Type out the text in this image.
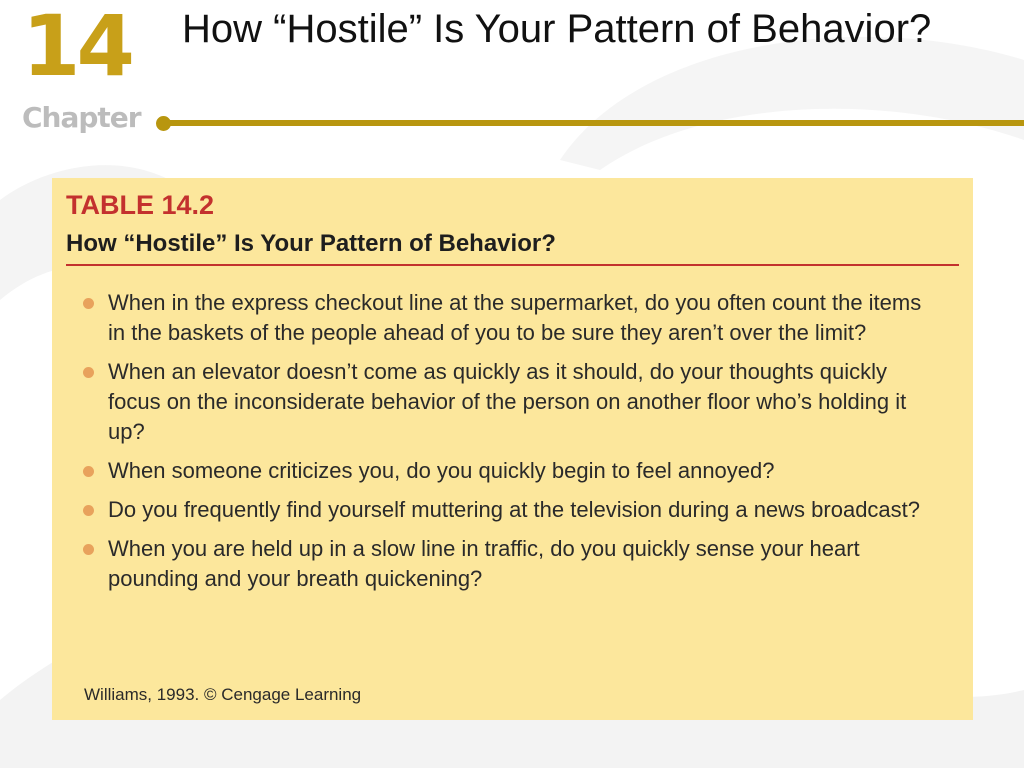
14
Chapter
How “Hostile” Is Your Pattern of Behavior?
TABLE 14.2
How “Hostile” Is Your Pattern of Behavior?
When in the express checkout line at the supermarket, do you often count the items in the baskets of the people ahead of you to be sure they aren’t over the limit?
When an elevator doesn’t come as quickly as it should, do your thoughts quickly focus on the inconsiderate behavior of the person on another floor who’s holding it up?
When someone criticizes you, do you quickly begin to feel annoyed?
Do you frequently find yourself muttering at the television during a news broadcast?
When you are held up in a slow line in traffic, do you quickly sense your heart pounding and your breath quickening?
Williams, 1993. © Cengage Learning
